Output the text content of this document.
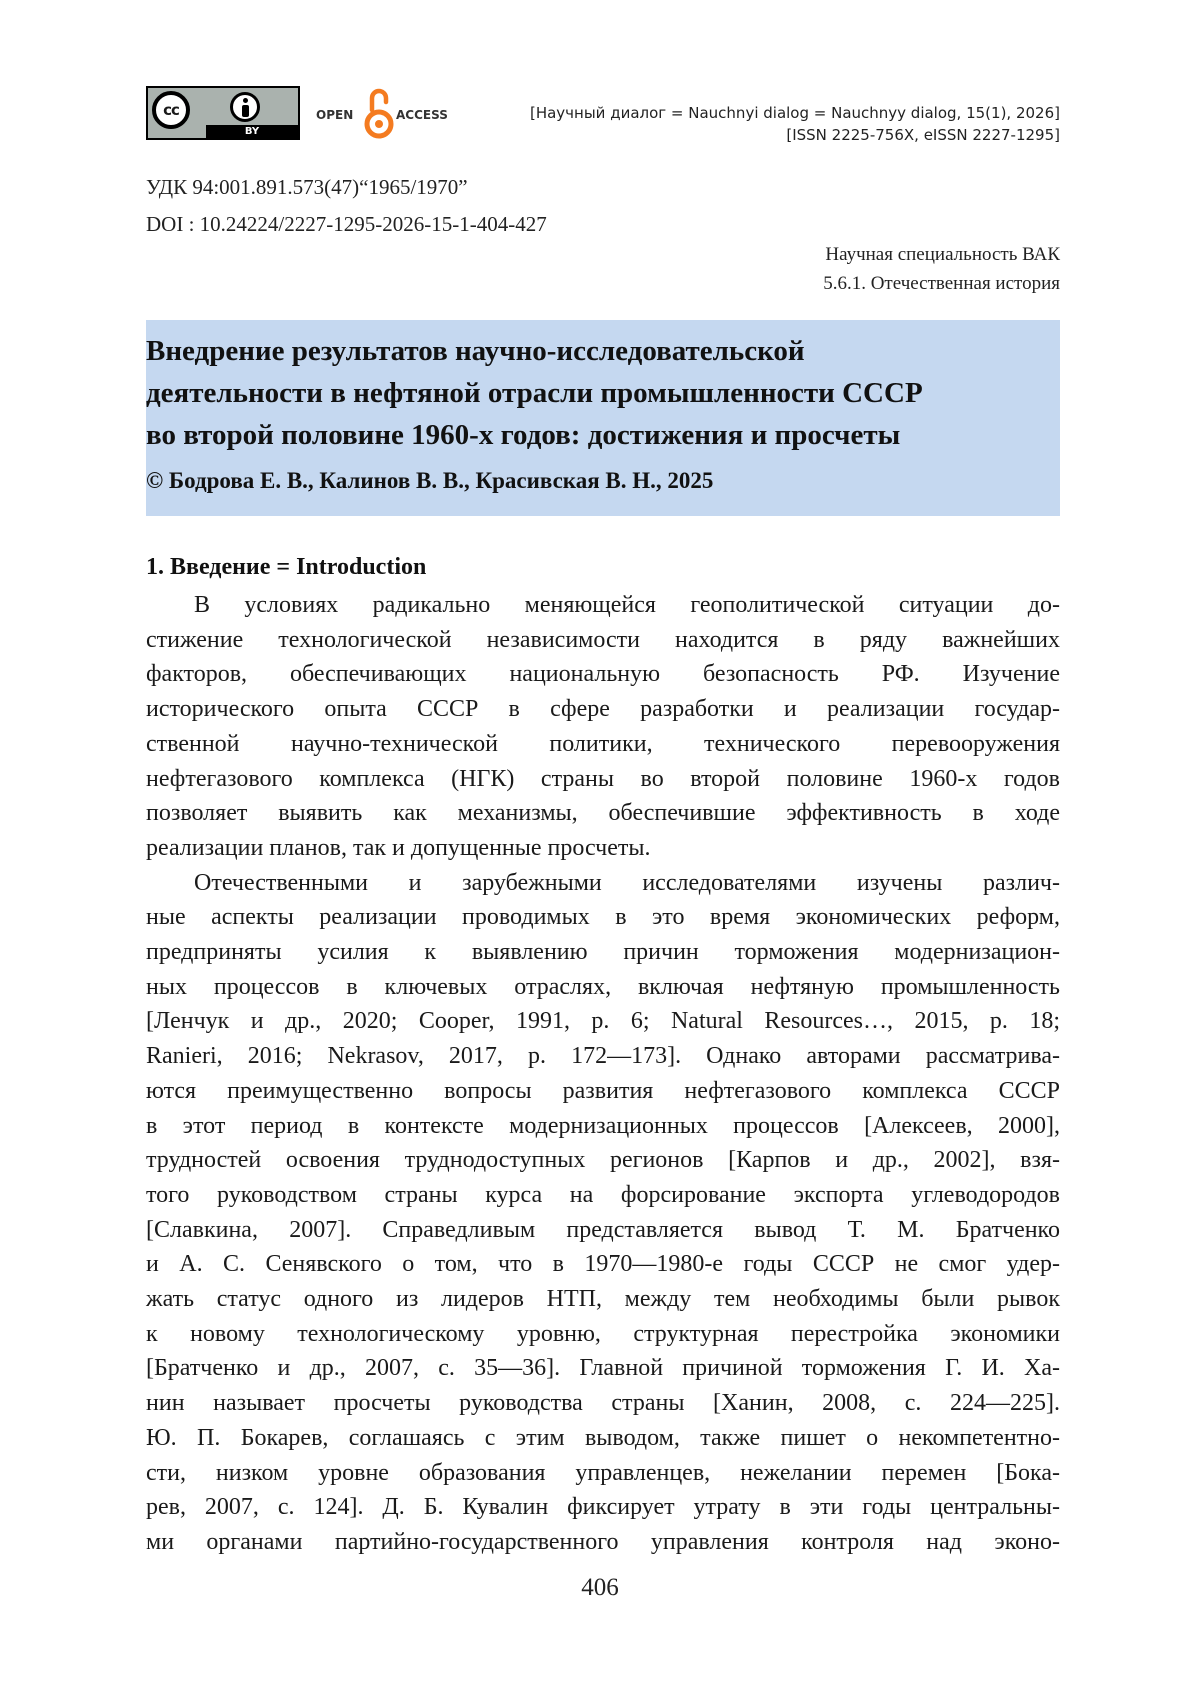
cc
BY
OPEN	ACCESS	[Научный диалог = Nauchnyi dialog = Nauchnyy dialog, 15(1), 2026]
[ISSN 2225-756X, eISSN 2227-1295]
УДК 94:001.891.573(47)“1965/1970”
DOI : 10.24224/2227-1295-2026-15-1-404-427
Научная специальность ВАК
5.6.1. Отечественная история
Внедрение результатов научно-исследовательской
деятельности в нефтяной отрасли промышленности СССР
во второй половине 1960-х годов: достижения и просчеты
© Бодрова Е. В., Калинов В. В., Красивская В. Н., 2025
1. Введение = Introduction
В условиях радикально меняющейся геополитической ситуации до-
стижение технологической независимости находится в ряду важнейших
факторов, обеспечивающих национальную безопасность РФ. Изучение
исторического опыта СССР в сфере разработки и реализации государ-
ственной научно-технической политики, технического перевооружения
нефтегазового комплекса (НГК) страны во второй половине 1960-х годов
позволяет выявить как механизмы, обеспечившие эффективность в ходе
реализации планов, так и допущенные просчеты.
Отечественными и зарубежными исследователями изучены различ-
ные аспекты реализации проводимых в это время экономических реформ,
предприняты усилия к выявлению причин торможения модернизацион-
ных процессов в ключевых отраслях, включая нефтяную промышленность
[Ленчук и др., 2020; Cooper, 1991, p. 6; Natural Resources…, 2015, p. 18;
Ranieri, 2016; Nekrasov, 2017, p. 172—173]. Однако авторами рассматрива-
ются преимущественно вопросы развития нефтегазового комплекса СССР
в этот период в контексте модернизационных процессов [Алексеев, 2000],
трудностей освоения труднодоступных регионов [Карпов и др., 2002], взя-
того руководством страны курса на форсирование экспорта углеводородов
[Славкина, 2007]. Справедливым представляется вывод Т. М. Братченко
и А. С. Сенявского о том, что в 1970—1980-е годы СССР не смог удер-
жать статус одного из лидеров НТП, между тем необходимы были рывок
к новому технологическому уровню, структурная перестройка экономики
[Братченко и др., 2007, с. 35—36]. Главной причиной торможения Г. И. Ха-
нин называет просчеты руководства страны [Ханин, 2008, с. 224—225].
Ю. П. Бокарев, соглашаясь с этим выводом, также пишет о некомпетентно-
сти, низком уровне образования управленцев, нежелании перемен [Бока-
рев, 2007, с. 124]. Д. Б. Кувалин фиксирует утрату в эти годы центральны-
ми органами партийно-государственного управления контроля над эконо-
406
